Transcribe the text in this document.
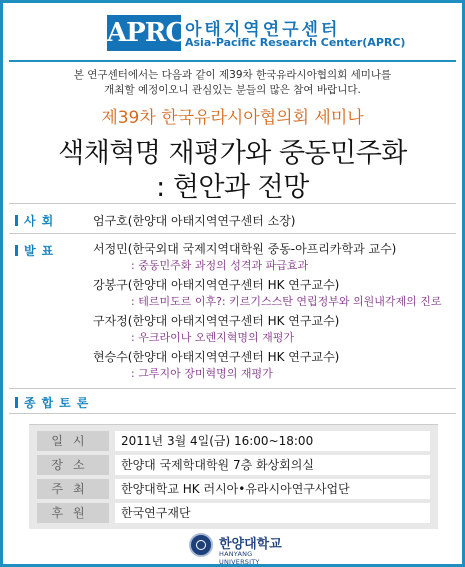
APRC 아태지역연구센터
Asia-Pacific Research Center(APRC)
본 연구센터에서는 다음과 같이 제39차 한국유라시아협의회 세미나를
개최할 예정이오니 관심있는 분들의 많은 참여 바랍니다.
제39차 한국유라시아협의회 세미나
색채혁명 재평가와 중동민주화
: 현안과 전망
사회	엄구호(한양대 아태지역연구센터 소장)
발표	서정민(한국외대 국제지역대학원 중동-아프리카학과 교수)
: 중동민주화 과정의 성격과 파급효과
강봉구(한양대 아태지역연구센터 HK 연구교수)
: 테르미도르 이후?: 키르기스스탄 연립정부와 의원내각제의 진로
구자정(한양대 아태지역연구센터 HK 연구교수)
: 우크라이나 오렌지혁명의 재평가
현승수(한양대 아태지역연구센터 HK 연구교수)
: 그루지아 장미혁명의 재평가
종합토론
일시	2011년 3월 4일(금) 16:00~18:00
장소	한양대 국제학대학원 7층 화상회의실
주최	한양대학교 HK 러시아•유라시아연구사업단
후원	한국연구재단
한양대학교
HANYANG UNIVERSITY
